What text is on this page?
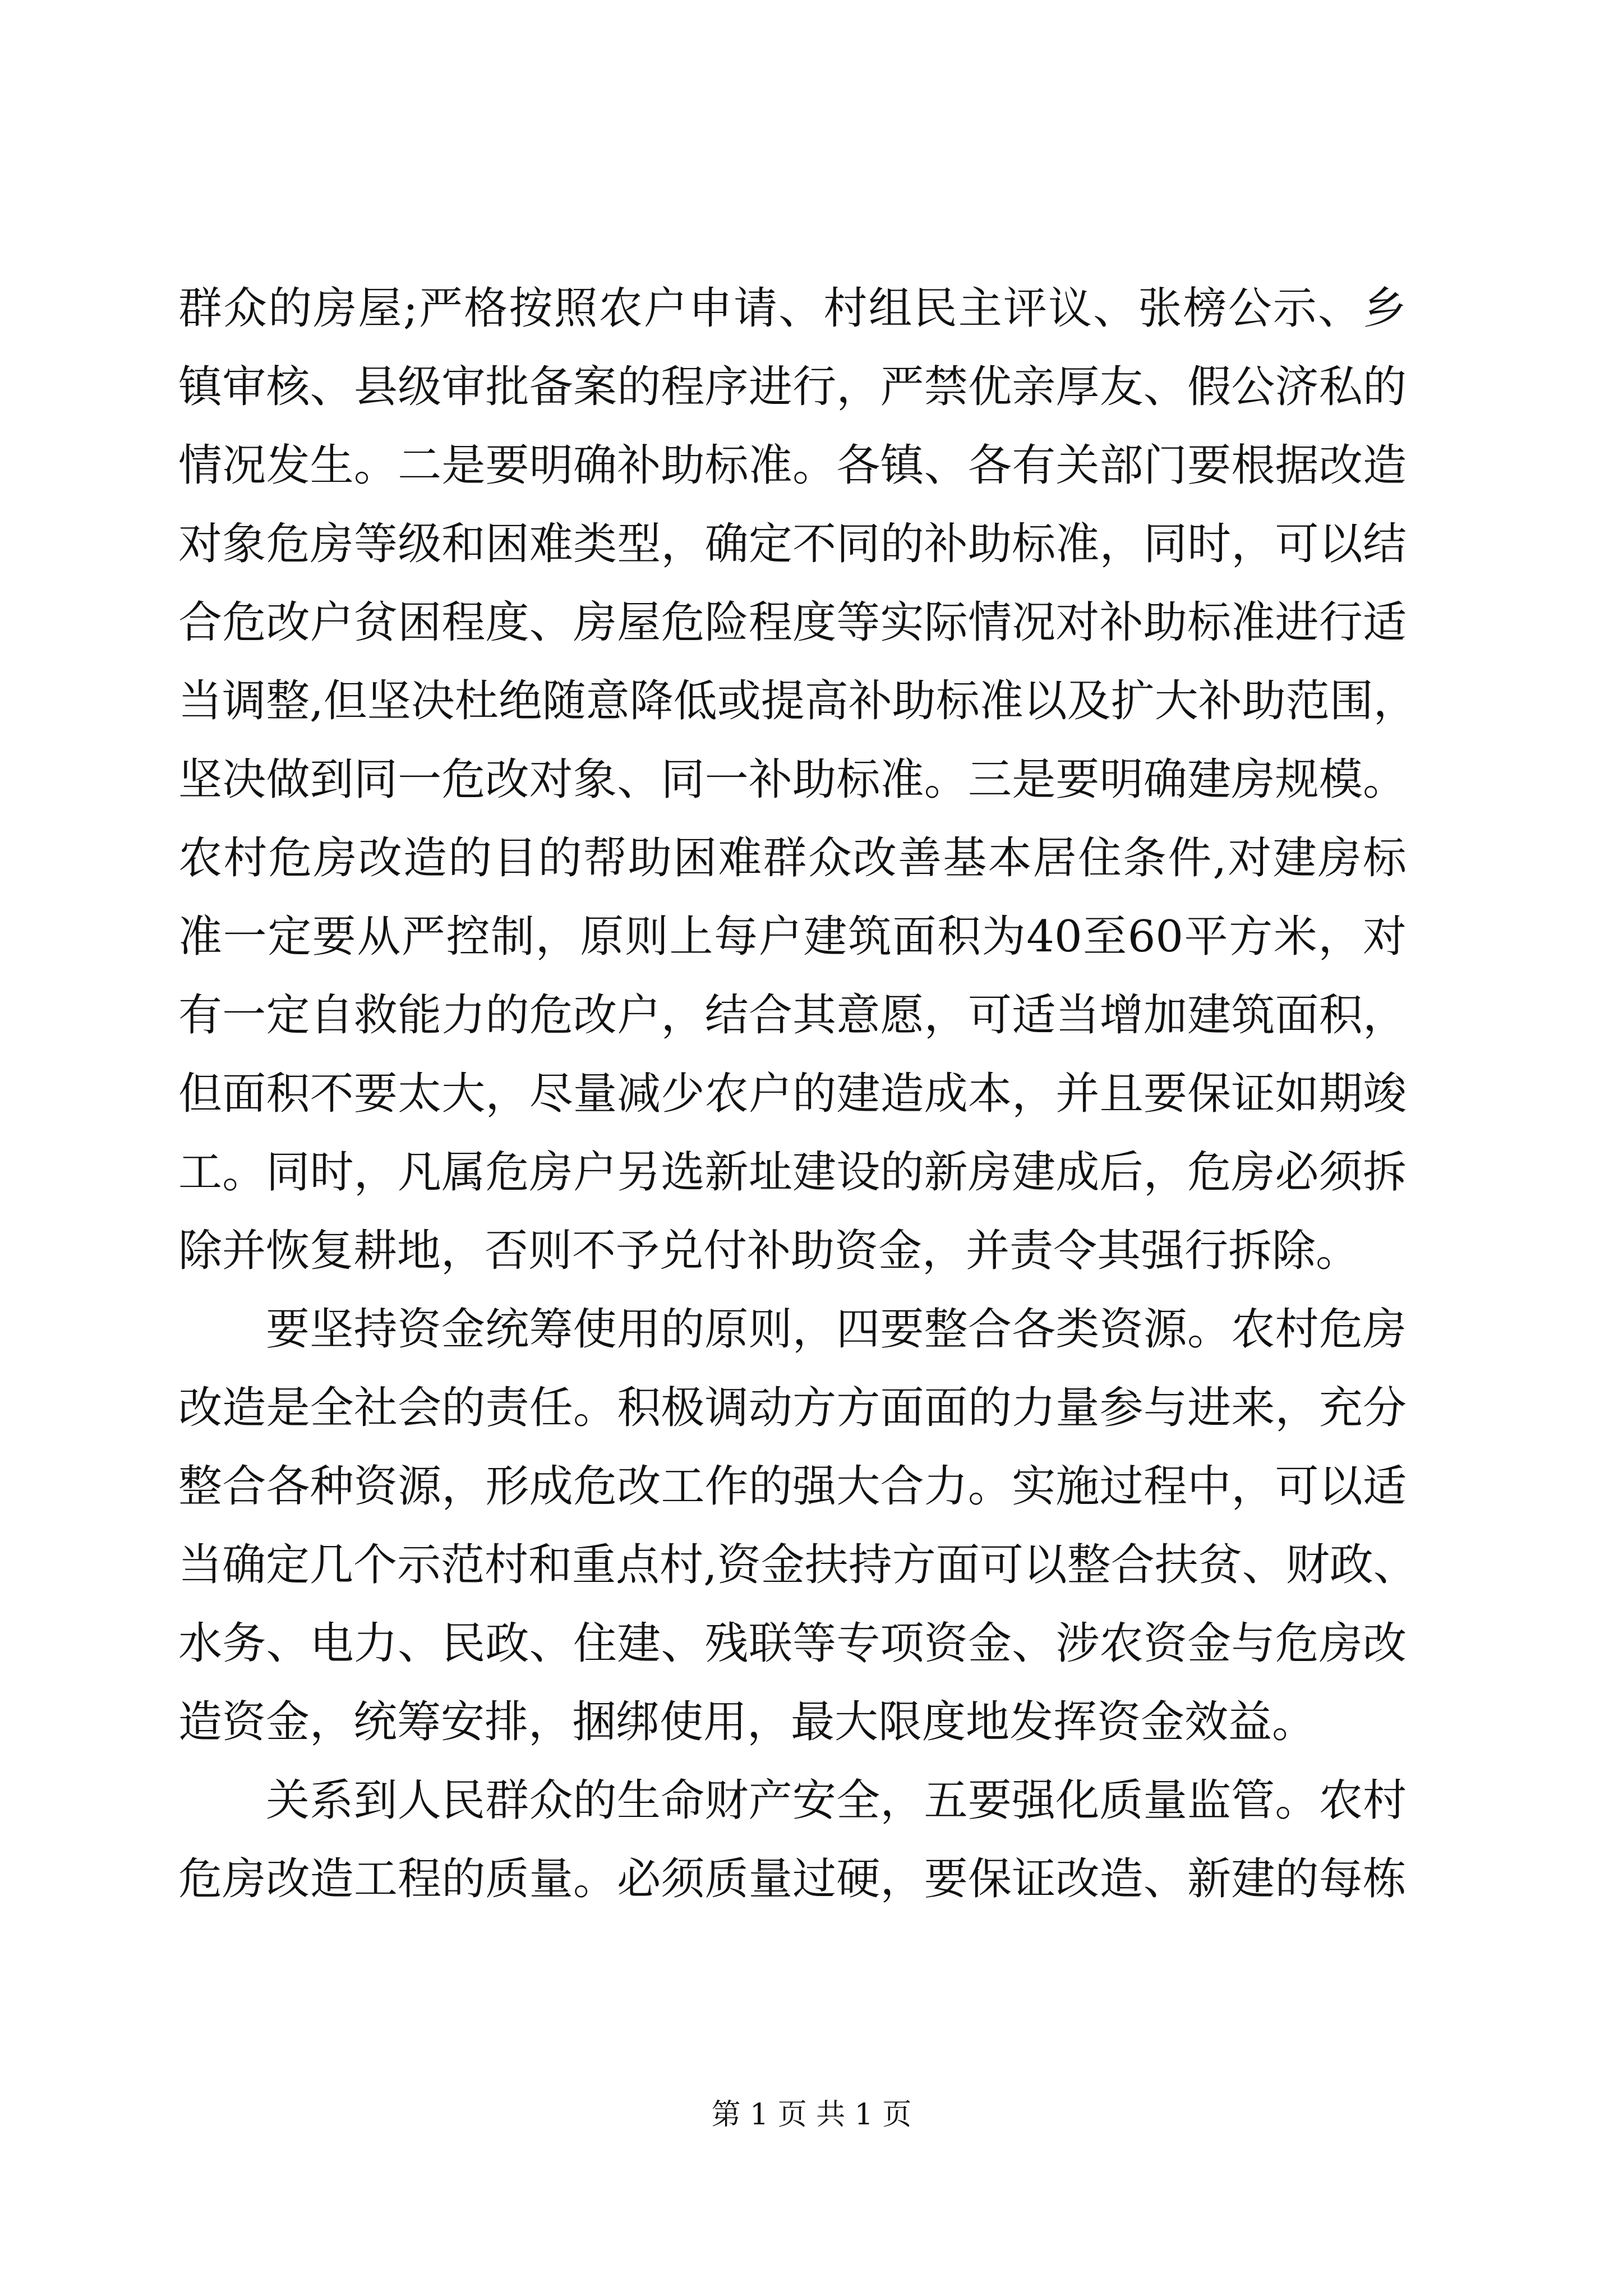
群众的房屋;严格按照农户申请、村组民主评议、张榜公示、乡
镇审核、县级审批备案的程序进行，严禁优亲厚友、假公济私的
情况发生。二是要明确补助标准。各镇、各有关部门要根据改造
对象危房等级和困难类型，确定不同的补助标准，同时，可以结
合危改户贫困程度、房屋危险程度等实际情况对补助标准进行适
当调整,但坚决杜绝随意降低或提高补助标准以及扩大补助范围，
坚决做到同一危改对象、同一补助标准。三是要明确建房规模。
农村危房改造的目的帮助困难群众改善基本居住条件,对建房标
准一定要从严控制，原则上每户建筑面积为40至60平方米，对
有一定自救能力的危改户，结合其意愿，可适当增加建筑面积，
但面积不要太大，尽量减少农户的建造成本，并且要保证如期竣
工。同时，凡属危房户另选新址建设的新房建成后，危房必须拆
除并恢复耕地，否则不予兑付补助资金，并责令其强行拆除。
要坚持资金统筹使用的原则，四要整合各类资源。农村危房
改造是全社会的责任。积极调动方方面面的力量参与进来，充分
整合各种资源，形成危改工作的强大合力。实施过程中，可以适
当确定几个示范村和重点村,资金扶持方面可以整合扶贫、财政、
水务、电力、民政、住建、残联等专项资金、涉农资金与危房改
造资金，统筹安排，捆绑使用，最大限度地发挥资金效益。
关系到人民群众的生命财产安全，五要强化质量监管。农村
危房改造工程的质量。必须质量过硬，要保证改造、新建的每栋
第 1 页 共 1 页
